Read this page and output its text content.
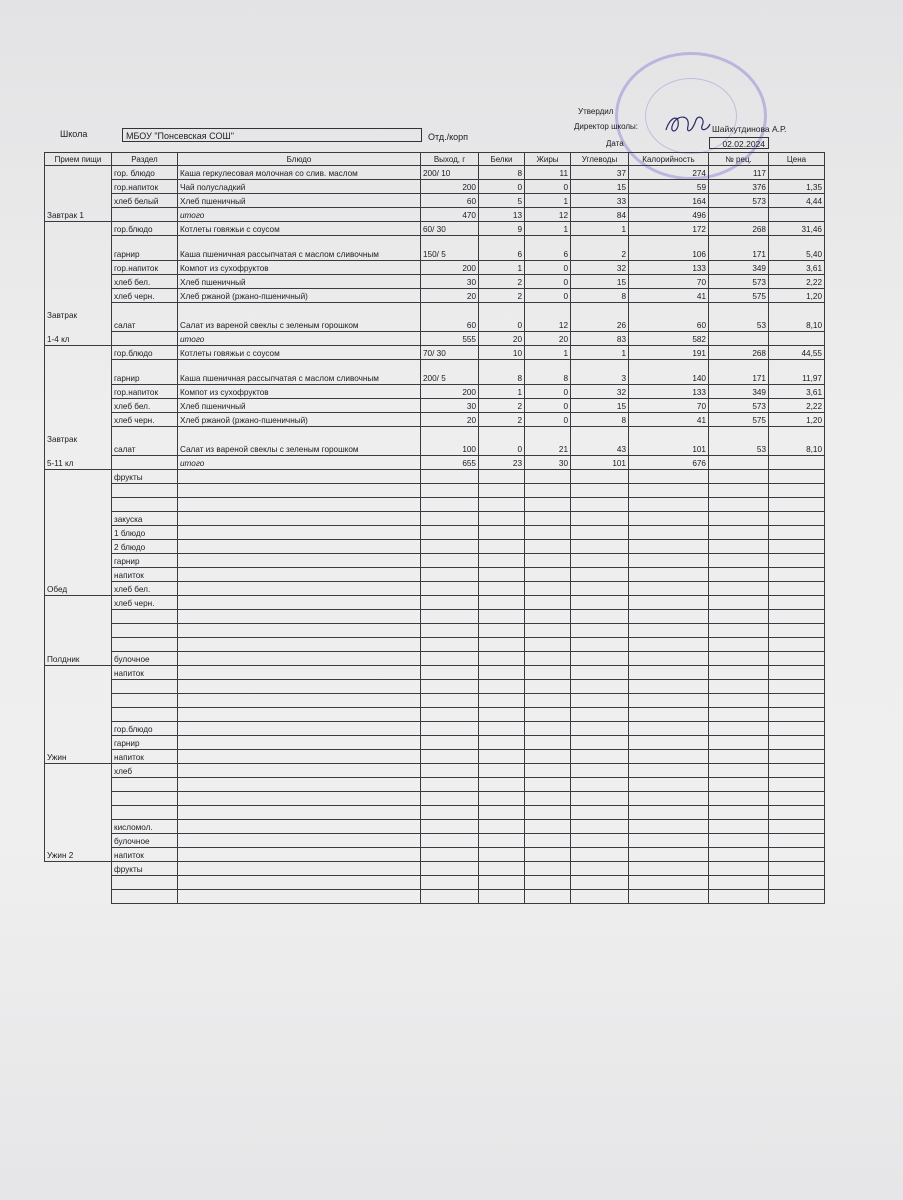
Школа	МБОУ "Понсевская СОШ"	Отд./корп
Утвердил
Директор школы:	Шайхутдинова А.Р.
Дата	02.02.2024
Прием пищи	Раздел	Блюдо	Выход, г	Белки	Жиры	Углеводы	Калорийность	№ рец.	Цена
Завтрак 1	гор. блюдо	Каша геркулесовая молочная со слив. маслом	200/ 10	8	11	37	274	117	
	гор.напиток	Чай полусладкий	200	0	0	15	59	376	1,35
	хлеб белый	Хлеб пшеничный	60	5	1	33	164	573	4,44
		итого	470	13	12	84	496		
Завтрак
1-4 кл	гор.блюдо	Котлеты говяжьи с соусом	60/ 30	9	1	1	172	268	31,46
	гарнир	Каша пшеничная рассыпчатая с маслом сливочным	150/ 5	6	6	2	106	171	5,40
	гор.напиток	Компот из сухофруктов	200	1	0	32	133	349	3,61
	хлеб бел.	Хлеб пшеничный	30	2	0	15	70	573	2,22
	хлеб черн.	Хлеб ржаной (ржано-пшеничный)	20	2	0	8	41	575	1,20
	салат	Салат из вареной свеклы с зеленым горошком	60	0	12	26	60	53	8,10
		итого	555	20	20	83	582		
Завтрак
5-11 кл	гор.блюдо	Котлеты говяжьи с соусом	70/ 30	10	1	1	191	268	44,55
	гарнир	Каша пшеничная рассыпчатая с маслом сливочным	200/ 5	8	8	3	140	171	11,97
	гор.напиток	Компот из сухофруктов	200	1	0	32	133	349	3,61
	хлеб бел.	Хлеб пшеничный	30	2	0	15	70	573	2,22
	хлеб черн.	Хлеб ржаной (ржано-пшеничный)	20	2	0	8	41	575	1,20
	салат	Салат из вареной свеклы с зеленым горошком	100	0	21	43	101	53	8,10
		итого	655	23	30	101	676		
Обед	фрукты								

	закуска								
	1 блюдо								
	2 блюдо								
	гарнир								
	напиток								
	хлеб бел.								
Полдник	хлеб черн.								

	булочное								
Ужин	напиток								

	гор.блюдо								
	гарнир								
	напиток								
Ужин 2	хлеб								

	кисломол.								
	булочное								
	напиток								
	фрукты								
